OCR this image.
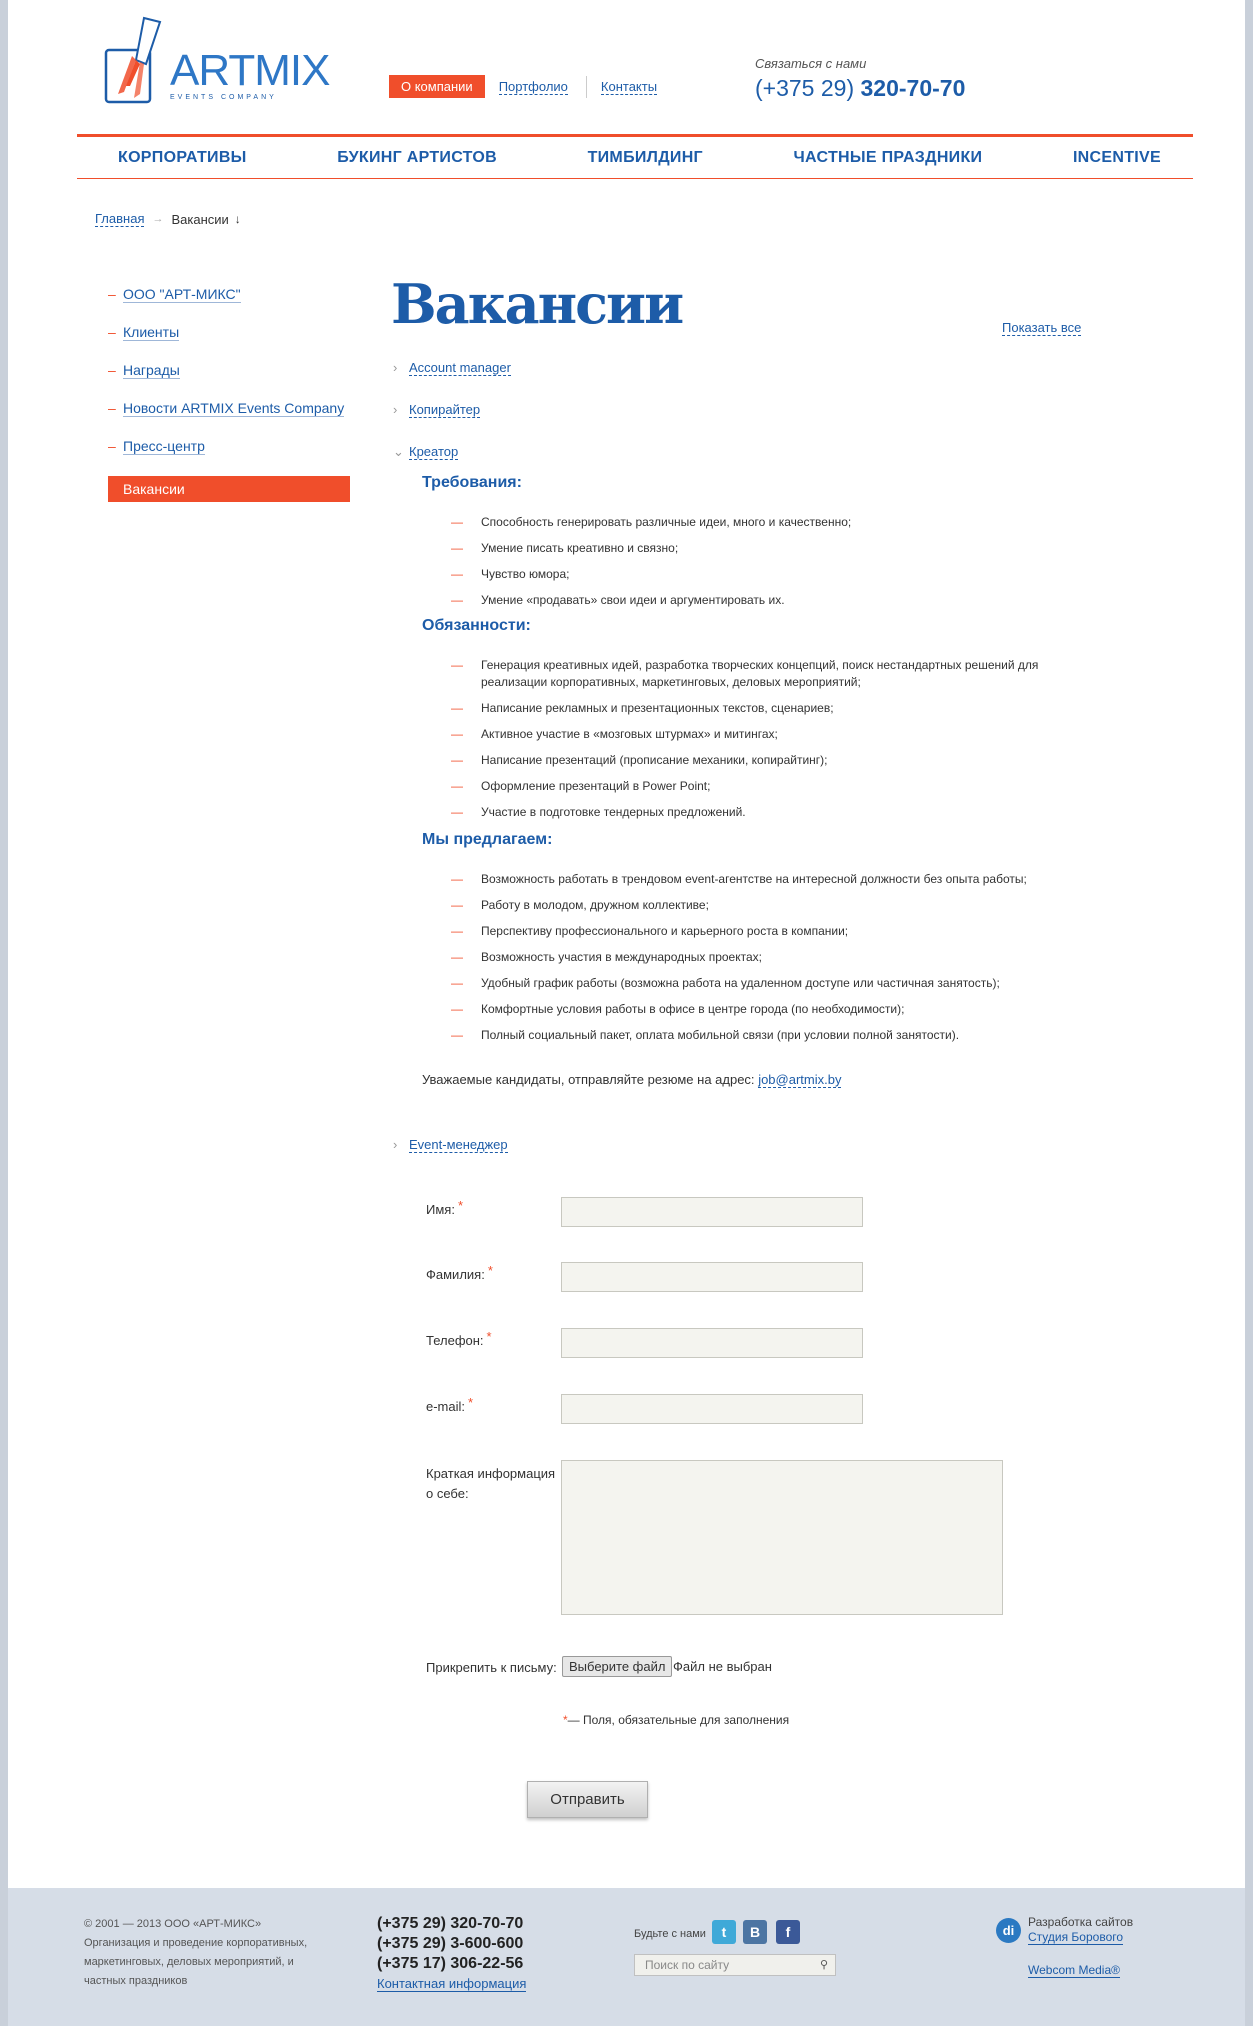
ARTMIX
EVENTS COMPANY
О компании	Портфолио	Контакты
Связаться с нами
(+375 29) 320-70-70
КОРПОРАТИВЫ	БУКИНГ АРТИСТОВ	ТИМБИЛДИНГ	ЧАСТНЫЕ ПРАЗДНИКИ	INCENTIVE
Главная → Вакансии ↓
– ООО "АРТ-МИКС"
– Клиенты
– Награды
– Новости ARTMIX Events Company
– Пресс-центр
Вакансии
Вакансии	Показать все
› Account manager
› Копирайтер
⌄ Креатор
Требования:
— Способность генерировать различные идеи, много и качественно;
— Умение писать креативно и связно;
— Чувство юмора;
— Умение «продавать» свои идеи и аргументировать их.
Обязанности:
— Генерация креативных идей, разработка творческих концепций, поиск нестандартных решений для реализации корпоративных, маркетинговых, деловых мероприятий;
— Написание рекламных и презентационных текстов, сценариев;
— Активное участие в «мозговых штурмах» и митингах;
— Написание презентаций (прописание механики, копирайтинг);
— Оформление презентаций в Power Point;
— Участие в подготовке тендерных предложений.
Мы предлагаем:
— Возможность работать в трендовом event-агентстве на интересной должности без опыта работы;
— Работу в молодом, дружном коллективе;
— Перспективу профессионального и карьерного роста в компании;
— Возможность участия в международных проектах;
— Удобный график работы (возможна работа на удаленном доступе или частичная занятость);
— Комфортные условия работы в офисе в центре города (по необходимости);
— Полный социальный пакет, оплата мобильной связи (при условии полной занятости).
Уважаемые кандидаты, отправляйте резюме на адрес: job@artmix.by
› Event-менеджер
Имя: *
Фамилия: *
Телефон: *
e-mail: *
Краткая информация о себе:
Прикрепить к письму: Выберите файл Файл не выбран
*— Поля, обязательные для заполнения
Отправить
© 2001 — 2013 ООО «АРТ-МИКС»
Организация и проведение корпоративных, маркетинговых, деловых мероприятий, и частных праздников
(+375 29) 320-70-70
(+375 29) 3-600-600
(+375 17) 306-22-56
Контактная информация
Будьте с нами	t	B	f
Поиск по сайту	⚲
di
Разработка сайтов
Студия Борового
Webcom Media®
